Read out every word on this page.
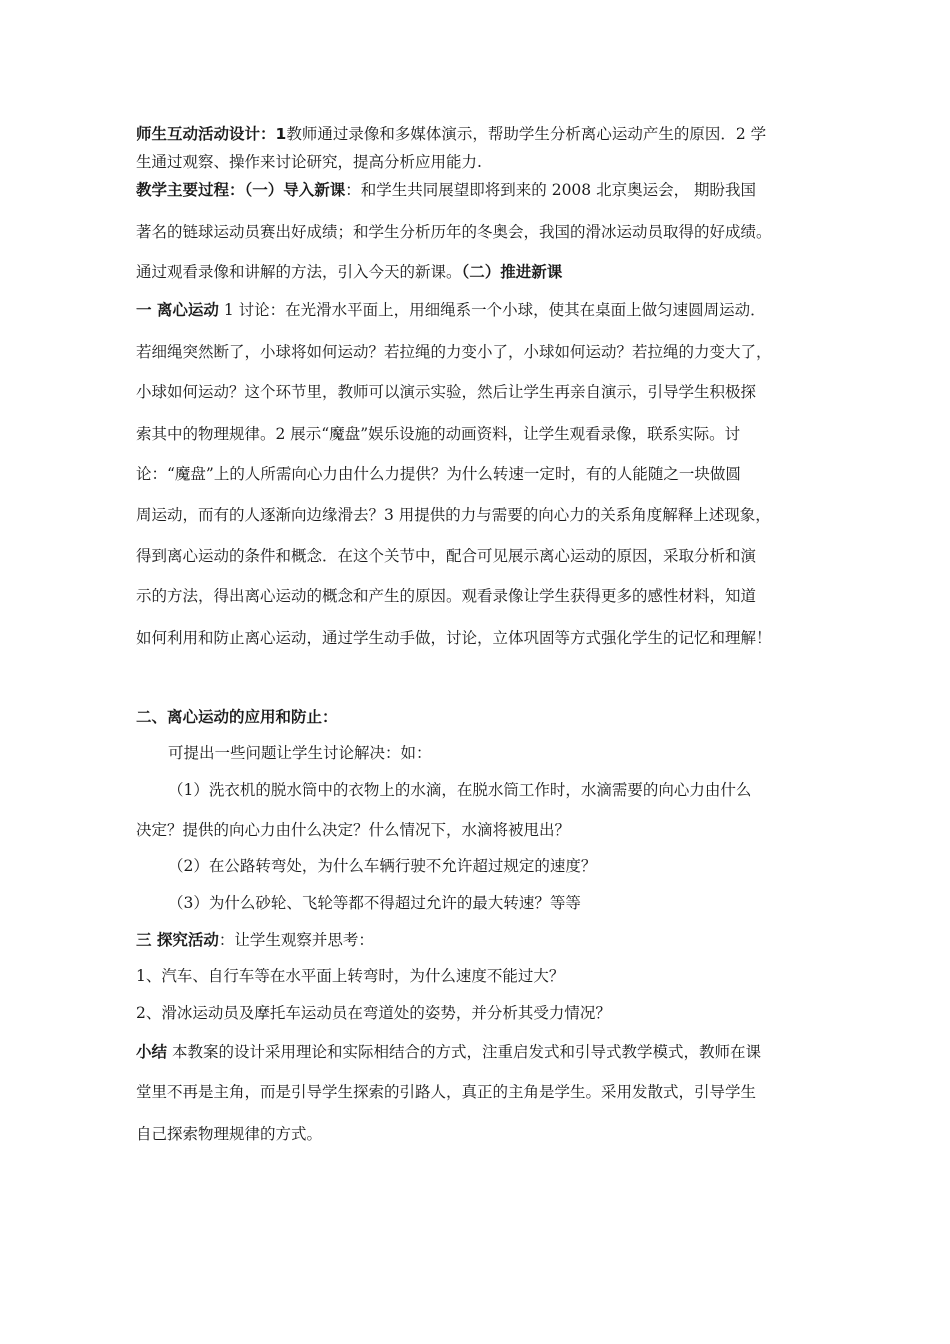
师生互动活动设计：1教师通过录像和多媒体演示，帮助学生分析离心运动产生的原因．2 学
生通过观察、操作来讨论研究，提高分析应用能力.
教学主要过程：（一）导入新课：和学生共同展望即将到来的 2008 北京奥运会， 期盼我国
著名的链球运动员赛出好成绩；和学生分析历年的冬奥会，我国的滑冰运动员取得的好成绩。
通过观看录像和讲解的方法，引入今天的新课。（二）推进新课
一 离心运动 1 讨论：在光滑水平面上，用细绳系一个小球，使其在桌面上做匀速圆周运动．
若细绳突然断了，小球将如何运动？若拉绳的力变小了，小球如何运动？若拉绳的力变大了，
小球如何运动？这个环节里，教师可以演示实验，然后让学生再亲自演示，引导学生积极探
索其中的物理规律。2 展示“魔盘”娱乐设施的动画资料，让学生观看录像，联系实际。讨
论：“魔盘”上的人所需向心力由什么力提供？为什么转速一定时，有的人能随之一块做圆
周运动，而有的人逐渐向边缘滑去？3 用提供的力与需要的向心力的关系角度解释上述现象，
得到离心运动的条件和概念．在这个关节中，配合可见展示离心运动的原因，采取分析和演
示的方法，得出离心运动的概念和产生的原因。观看录像让学生获得更多的感性材料，知道
如何利用和防止离心运动，通过学生动手做，讨论，立体巩固等方式强化学生的记忆和理解！
二、离心运动的应用和防止：
可提出一些问题让学生讨论解决：如：
（1）洗衣机的脱水筒中的衣物上的水滴，在脱水筒工作时，水滴需要的向心力由什么
决定？提供的向心力由什么决定？什么情况下，水滴将被甩出？
（2）在公路转弯处，为什么车辆行驶不允许超过规定的速度？
（3）为什么砂轮、飞轮等都不得超过允许的最大转速？等等
三 探究活动：让学生观察并思考：
1、汽车、自行车等在水平面上转弯时，为什么速度不能过大？
2、滑冰运动员及摩托车运动员在弯道处的姿势，并分析其受力情况？
小结 本教案的设计采用理论和实际相结合的方式，注重启发式和引导式教学模式，教师在课
堂里不再是主角，而是引导学生探索的引路人，真正的主角是学生。采用发散式，引导学生
自己探索物理规律的方式。
